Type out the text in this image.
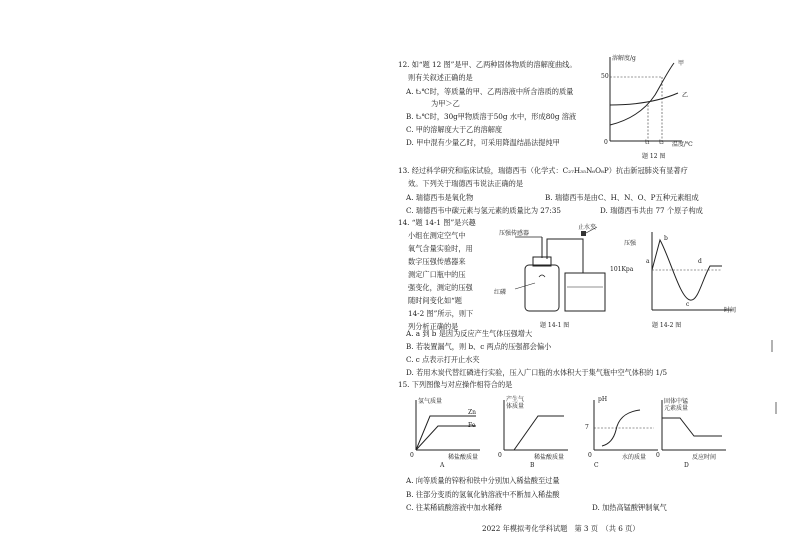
12. 如“题 12 图”是甲、乙两种固体物质的溶解度曲线。
则有关叙述正确的是
A. t₂℃时，等质量的甲、乙两溶液中所含溶质的质量
为甲＞乙
B. t₂℃时，30g甲物质溶于50g 水中，形成80g 溶液
C. 甲的溶解度大于乙的溶解度
D. 甲中混有少量乙时，可采用降温结晶法提纯甲
溶解度/g
50
甲
乙
0	t₁ t₂ 温度/℃
题 12 图
13. 经过科学研究和临床试验，瑞德西韦（化学式：C₂₇H₃₅N₆O₈P）抗击新冠肺炎有显著疗
效。下列关于瑞德西韦说法正确的是
A. 瑞德西韦是氧化物	B. 瑞德西韦是由C、H、N、O、P五种元素组成
C. 瑞德西韦中碳元素与氢元素的质量比为 27:35	D. 瑞德西韦共由 77 个原子构成
14. “题 14-1 图”是兴趣
小组在测定空气中
氧气含量实验时，用
数字压强传感器来
测定广口瓶中的压
强变化，测定的压强
随时间变化如“题
14-2 图”所示，则下
列分析正确的是
压强传感器
止水夹
红磷
题 14-1 图
压强
b
a	d
c
101Kpa
时间
题 14-2 图
A. a 到 b 是因为反应产生气体压强增大
B. 若装置漏气，则 b、c 两点的压强都会偏小
C. c 点表示打开止水夹
D. 若用木炭代替红磷进行实验，压入广口瓶的水体积大于集气瓶中空气体积的 1/5
15. 下列图像与对应操作相符合的是
氢气质量
Zn
Fe
0	稀盐酸质量
A
产生气
体质量
0	稀盐酸质量
B
pH
7
0	水的质量
C
固体中锰
元素质量
0	反应时间
D
A. 向等质量的锌粉和铁中分别加入稀盐酸至过量
B. 往部分变质的氢氧化钠溶液中不断加入稀盐酸
C. 往某稀硫酸溶液中加水稀释	D. 加热高锰酸钾制氧气
2022 年模拟考化学科试题　第 3 页　（共 6 页）
